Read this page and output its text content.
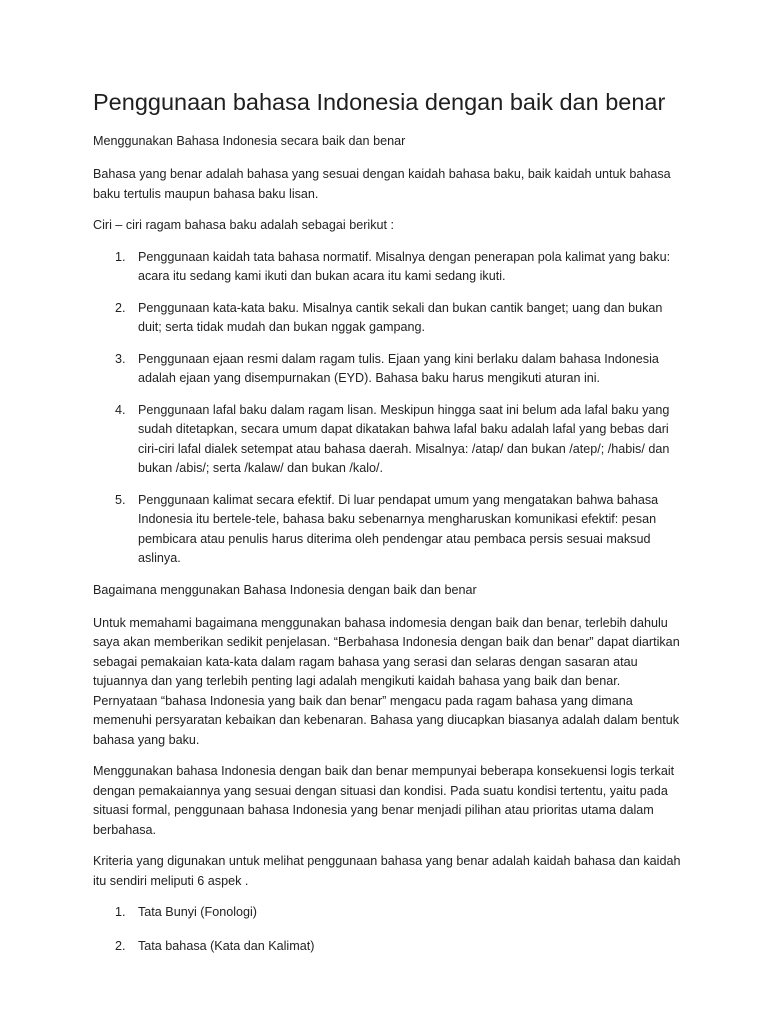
Penggunaan bahasa Indonesia dengan baik dan benar
Menggunakan Bahasa Indonesia secara baik dan benar

Bahasa yang benar adalah bahasa yang sesuai dengan kaidah bahasa baku, baik kaidah untuk bahasa baku tertulis maupun bahasa baku lisan.

Ciri – ciri ragam bahasa baku adalah sebagai berikut :

1. Penggunaan kaidah tata bahasa normatif. Misalnya dengan penerapan pola kalimat yang baku: acara itu sedang kami ikuti dan bukan acara itu kami sedang ikuti.
2. Penggunaan kata-kata baku. Misalnya cantik sekali dan bukan cantik banget; uang dan bukan duit; serta tidak mudah dan bukan nggak gampang.
3. Penggunaan ejaan resmi dalam ragam tulis. Ejaan yang kini berlaku dalam bahasa Indonesia adalah ejaan yang disempurnakan (EYD). Bahasa baku harus mengikuti aturan ini.
4. Penggunaan lafal baku dalam ragam lisan. Meskipun hingga saat ini belum ada lafal baku yang sudah ditetapkan, secara umum dapat dikatakan bahwa lafal baku adalah lafal yang bebas dari ciri-ciri lafal dialek setempat atau bahasa daerah. Misalnya: /atap/ dan bukan /atep/; /habis/ dan bukan /abis/; serta /kalaw/ dan bukan /kalo/.
5. Penggunaan kalimat secara efektif. Di luar pendapat umum yang mengatakan bahwa bahasa Indonesia itu bertele-tele, bahasa baku sebenarnya mengharuskan komunikasi efektif: pesan pembicara atau penulis harus diterima oleh pendengar atau pembaca persis sesuai maksud aslinya.
Bagaimana menggunakan Bahasa Indonesia dengan baik dan benar

Untuk memahami bagaimana menggunakan bahasa indomesia dengan baik dan benar, terlebih dahulu saya akan memberikan sedikit penjelasan. “Berbahasa Indonesia dengan baik dan benar” dapat diartikan sebagai pemakaian kata-kata dalam ragam bahasa yang serasi dan selaras dengan sasaran atau tujuannya dan yang terlebih penting lagi adalah mengikuti kaidah bahasa yang baik dan benar. Pernyataan “bahasa Indonesia yang baik dan benar” mengacu pada ragam bahasa yang dimana memenuhi persyaratan kebaikan dan kebenaran. Bahasa yang diucapkan biasanya adalah dalam bentuk bahasa yang baku.

Menggunakan bahasa Indonesia dengan baik dan benar mempunyai beberapa konsekuensi logis terkait dengan pemakaiannya yang sesuai dengan situasi dan kondisi. Pada suatu kondisi tertentu, yaitu pada situasi formal, penggunaan bahasa Indonesia yang benar menjadi pilihan atau prioritas utama dalam berbahasa.

Kriteria yang digunakan untuk melihat penggunaan bahasa yang benar adalah kaidah bahasa dan kaidah itu sendiri meliputi 6 aspek .

1. Tata Bunyi (Fonologi)
2. Tata bahasa (Kata dan Kalimat)
